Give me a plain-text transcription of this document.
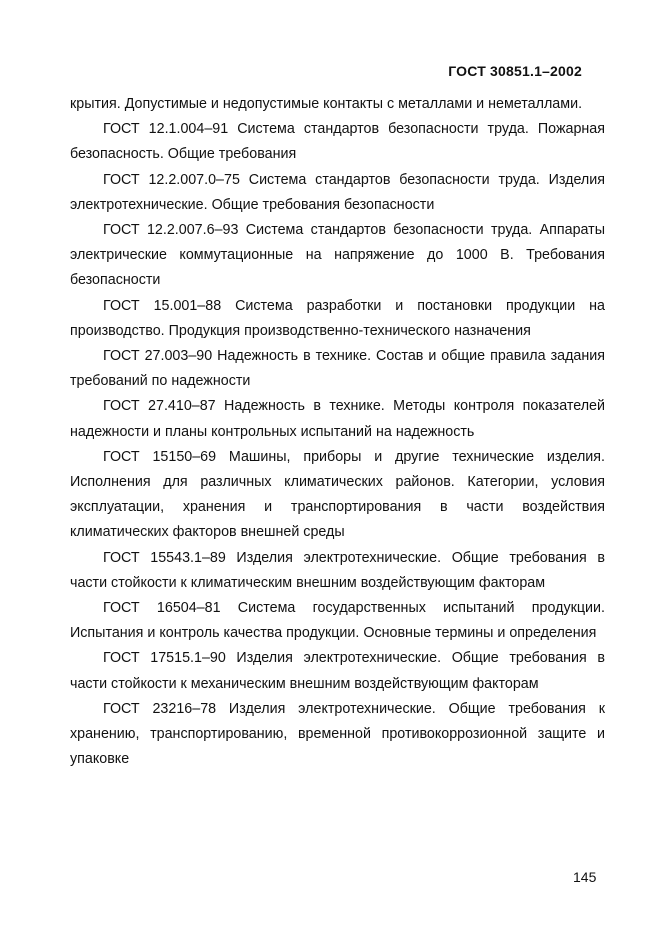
ГОСТ 30851.1–2002

крытия. Допустимые и недопустимые контакты с металлами и неметаллами.

ГОСТ 12.1.004–91 Система стандартов безопасности труда. Пожарная безопасность. Общие требования

ГОСТ 12.2.007.0–75 Система стандартов безопасности труда. Изделия электротехнические. Общие требования безопасности

ГОСТ 12.2.007.6–93 Система стандартов безопасности труда. Аппараты электрические коммутационные на напряжение до 1000 В. Требования безопасности

ГОСТ 15.001–88 Система разработки и постановки продукции на производство. Продукция производственно-технического назначения

ГОСТ 27.003–90 Надежность в технике. Состав и общие правила задания требований по надежности

ГОСТ 27.410–87 Надежность в технике. Методы контроля показателей надежности и планы контрольных испытаний на надежность

ГОСТ 15150–69 Машины, приборы и другие технические изделия. Исполнения для различных климатических районов. Категории, условия эксплуатации, хранения и транспортирования в части воздействия климатических факторов внешней среды

ГОСТ 15543.1–89 Изделия электротехнические. Общие требования в части стойкости к климатическим внешним воздействующим факторам

ГОСТ 16504–81 Система государственных испытаний продукции. Испытания и контроль качества продукции. Основные термины и определения

ГОСТ 17515.1–90 Изделия электротехнические. Общие требования в части стойкости к механическим внешним воздействующим факторам

ГОСТ 23216–78 Изделия электротехнические. Общие требования к хранению, транспортированию, временной противокоррозионной защите и упаковке

145
